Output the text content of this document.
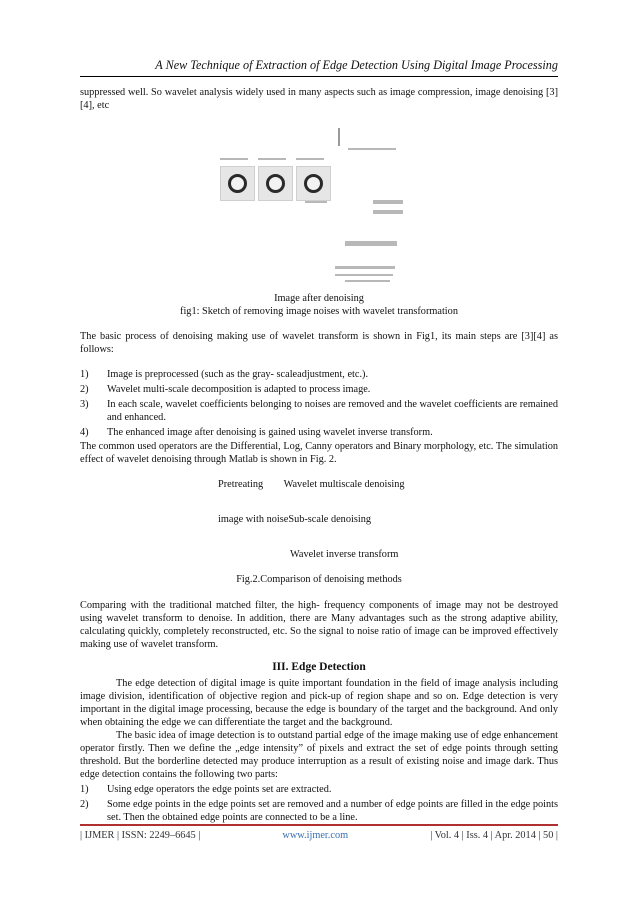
A New Technique of Extraction of Edge Detection Using Digital Image Processing
suppressed well. So wavelet analysis widely used in many aspects such as image compression, image denoising [3][4], etc
Image after denoising
fig1: Sketch of removing image noises with wavelet transformation
The basic process of denoising making use of wavelet transform is shown in Fig1, its main steps are [3][4] as follows:
1) Image is preprocessed (such as the gray- scaleadjustment, etc.).
2) Wavelet multi-scale decomposition is adapted to process image.
3) In each scale, wavelet coefficients belonging to noises are removed and the wavelet coefficients are remained and enhanced.
4) The enhanced image after denoising is gained using wavelet inverse transform.
The common used operators are the Differential, Log, Canny operators and Binary morphology, etc. The simulation effect of wavelet denoising through Matlab is shown in Fig. 2.
Pretreating        Wavelet multiscale denoising
image with noiseSub-scale denoising
Wavelet inverse transform
Fig.2.Comparison of denoising methods
Comparing with the traditional matched filter, the high- frequency components of image may not be destroyed using wavelet transform to denoise. In addition, there are Many advantages such as the strong adaptive ability, calculating quickly, completely reconstructed, etc. So the signal to noise ratio of image can be improved effectively making use of wavelet transform.
III. Edge Detection
The edge detection of digital image is quite important foundation in the field of image analysis including image division, identification of objective region and pick-up of region shape and so on. Edge detection is very important in the digital image processing, because the edge is boundary of the target and the background. And only when obtaining the edge we can differentiate the target and the background.
The basic idea of image detection is to outstand partial edge of the image making use of edge enhancement operator firstly. Then we define the „edge intensity” of pixels and extract the set of edge points through setting threshold. But the borderline detected may produce interruption as a result of existing noise and image dark. Thus edge detection contains the following two parts:
1) Using edge operators the edge points set are extracted.
2) Some edge points in the edge points set are removed and a number of edge points are filled in the edge points set. Then the obtained edge points are connected to be a line.
| IJMER | ISSN: 2249–6645 |	www.ijmer.com	| Vol. 4 | Iss. 4 | Apr. 2014 | 50 |
